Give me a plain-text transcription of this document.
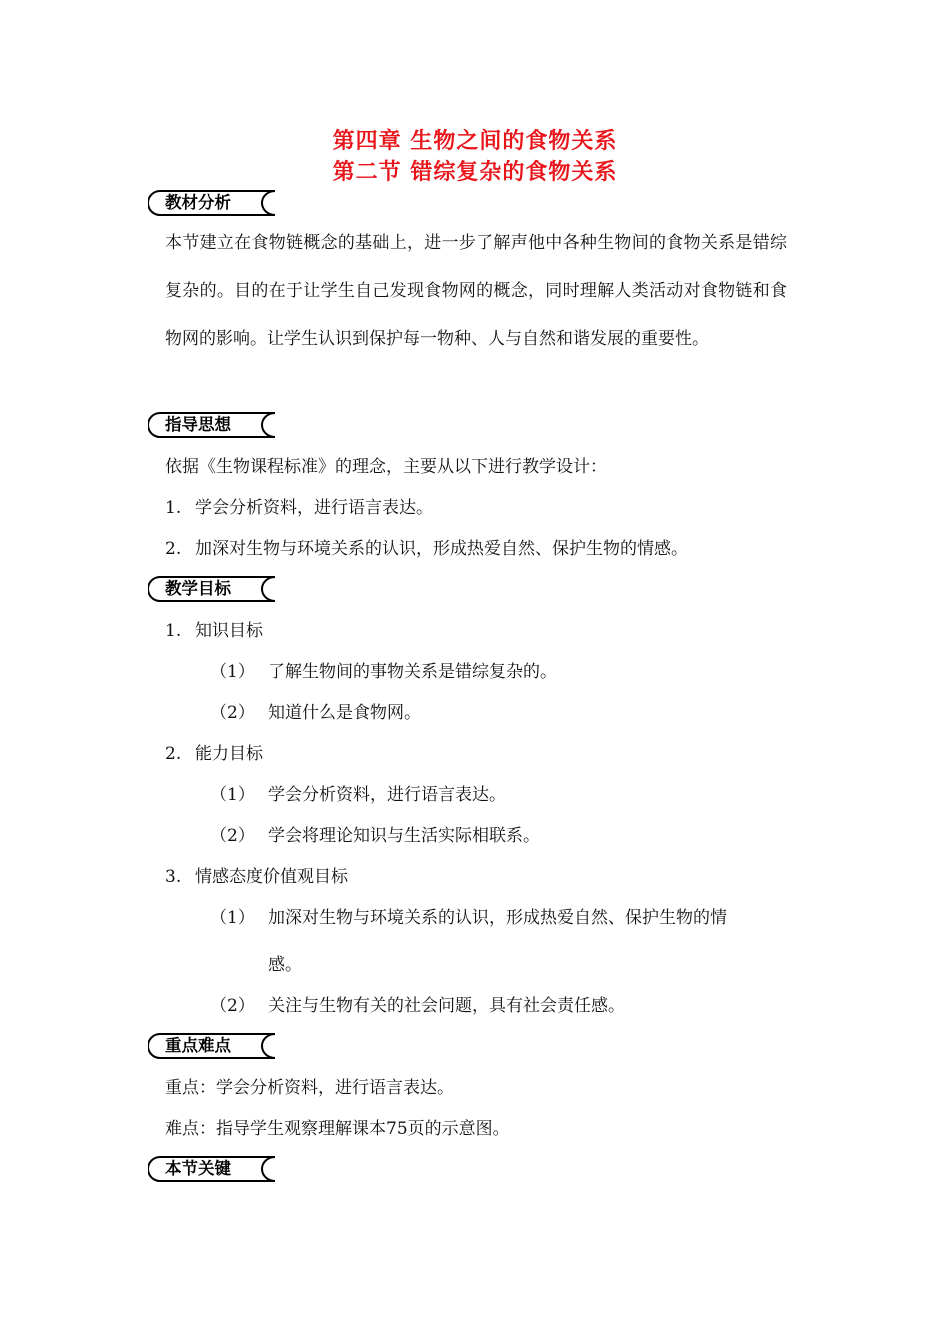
第四章 生物之间的食物关系
第二节 错综复杂的食物关系
教材分析
本节建立在食物链概念的基础上，进一步了解声他中各种生物间的食物关系是错综复杂的。目的在于让学生自己发现食物网的概念，同时理解人类活动对食物链和食物网的影响。让学生认识到保护每一物种、人与自然和谐发展的重要性。
指导思想
依据《生物课程标准》的理念，主要从以下进行教学设计：
1. 学会分析资料，进行语言表达。
2. 加深对生物与环境关系的认识，形成热爱自然、保护生物的情感。
教学目标
1. 知识目标
（1） 了解生物间的事物关系是错综复杂的。
（2） 知道什么是食物网。
2. 能力目标
（1） 学会分析资料，进行语言表达。
（2） 学会将理论知识与生活实际相联系。
3. 情感态度价值观目标
（1） 加深对生物与环境关系的认识，形成热爱自然、保护生物的情
感。
（2） 关注与生物有关的社会问题，具有社会责任感。
重点难点
重点：学会分析资料，进行语言表达。
难点：指导学生观察理解课本75页的示意图。
本节关键
